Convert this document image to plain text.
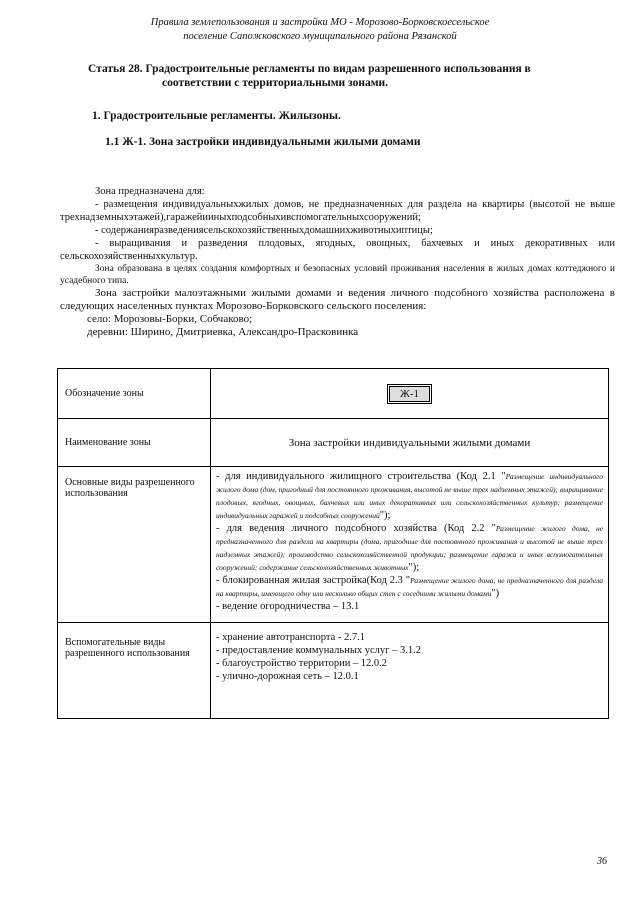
Правила землепользования и застройки МО - Морозово-Борковскоесельское
поселение Сапожковского муниципального района Рязанской
Статья 28. Градостроительные регламенты по видам разрешенного использования в
соответствии с территориальными зонами.
1. Градостроительные регламенты. Жилызоны.
1.1 Ж-1. Зона застройки индивидуальными жилыми домами
Зона предназначена для:
- размещения индивидуальныхжилых домов, не предназначенных для раздела на квартиры (высотой не выше трехнадземныхэтажей),гаражейииныхподсобныхивспомогательныхсооружений;
- содержанияразведениясельскохозяйственныхдомашнихживотныхиптицы;
- выращивания и разведения плодовых, ягодных, овощных, бахчевых и иных декоративных или сельскохозяйственныхкультур.
Зона образована в целях создания комфортных и безопасных условий проживания населения в жилых домах коттеджного и усадебного типа.
Зона застройки малоэтажными жилыми домами и ведения личного подсобного хозяйства расположена в следующих населенных пунктах Морозово-Борковского сельского поселения:
село: Морозовы-Борки, Собчаково;
деревни: Ширино, Дмитриевка, Александро-Прасковинка
Обозначение зоны	Ж-1
Наименование зоны	Зона застройки индивидуальными жилыми домами
Основные виды разрешенного использования	- для индивидуального жилищного строительства (Код 2.1 "Размещение индивидуального жилого дома (дом, пригодный для постоянного проживания, высотой не выше трех надземных этажей); выращивание плодовых, ягодных, овощных, бахчевых или иных декоративных или сельскохозяйственных культур; размещение индивидуальных гаражей и подсобных сооружений");
- для ведения личного подсобного хозяйства (Код 2.2 "Размещение жилого дома, не предназначенного для раздела на квартиры (дома, пригодные для постоянного проживания и высотой не выше трех надземных этажей); производство сельскохозяйственной продукции; размещение гаража и иных вспомогательных сооружений; содержание сельскохозяйственных животных");
- блокированная жилая застройка(Код 2.3 "Размещение жилого дома, не предназначенного для раздела на квартиры, имеющего одну или несколько общих стен с соседними жилыми домами")
- ведение огородничества – 13.1

Вспомогательные виды разрешенного использования	- хранение автотранспорта - 2.7.1
- предоставление коммунальных услуг – 3.1.2
- благоустройство территории – 12.0.2
- улично-дорожная сеть – 12.0.1
36
